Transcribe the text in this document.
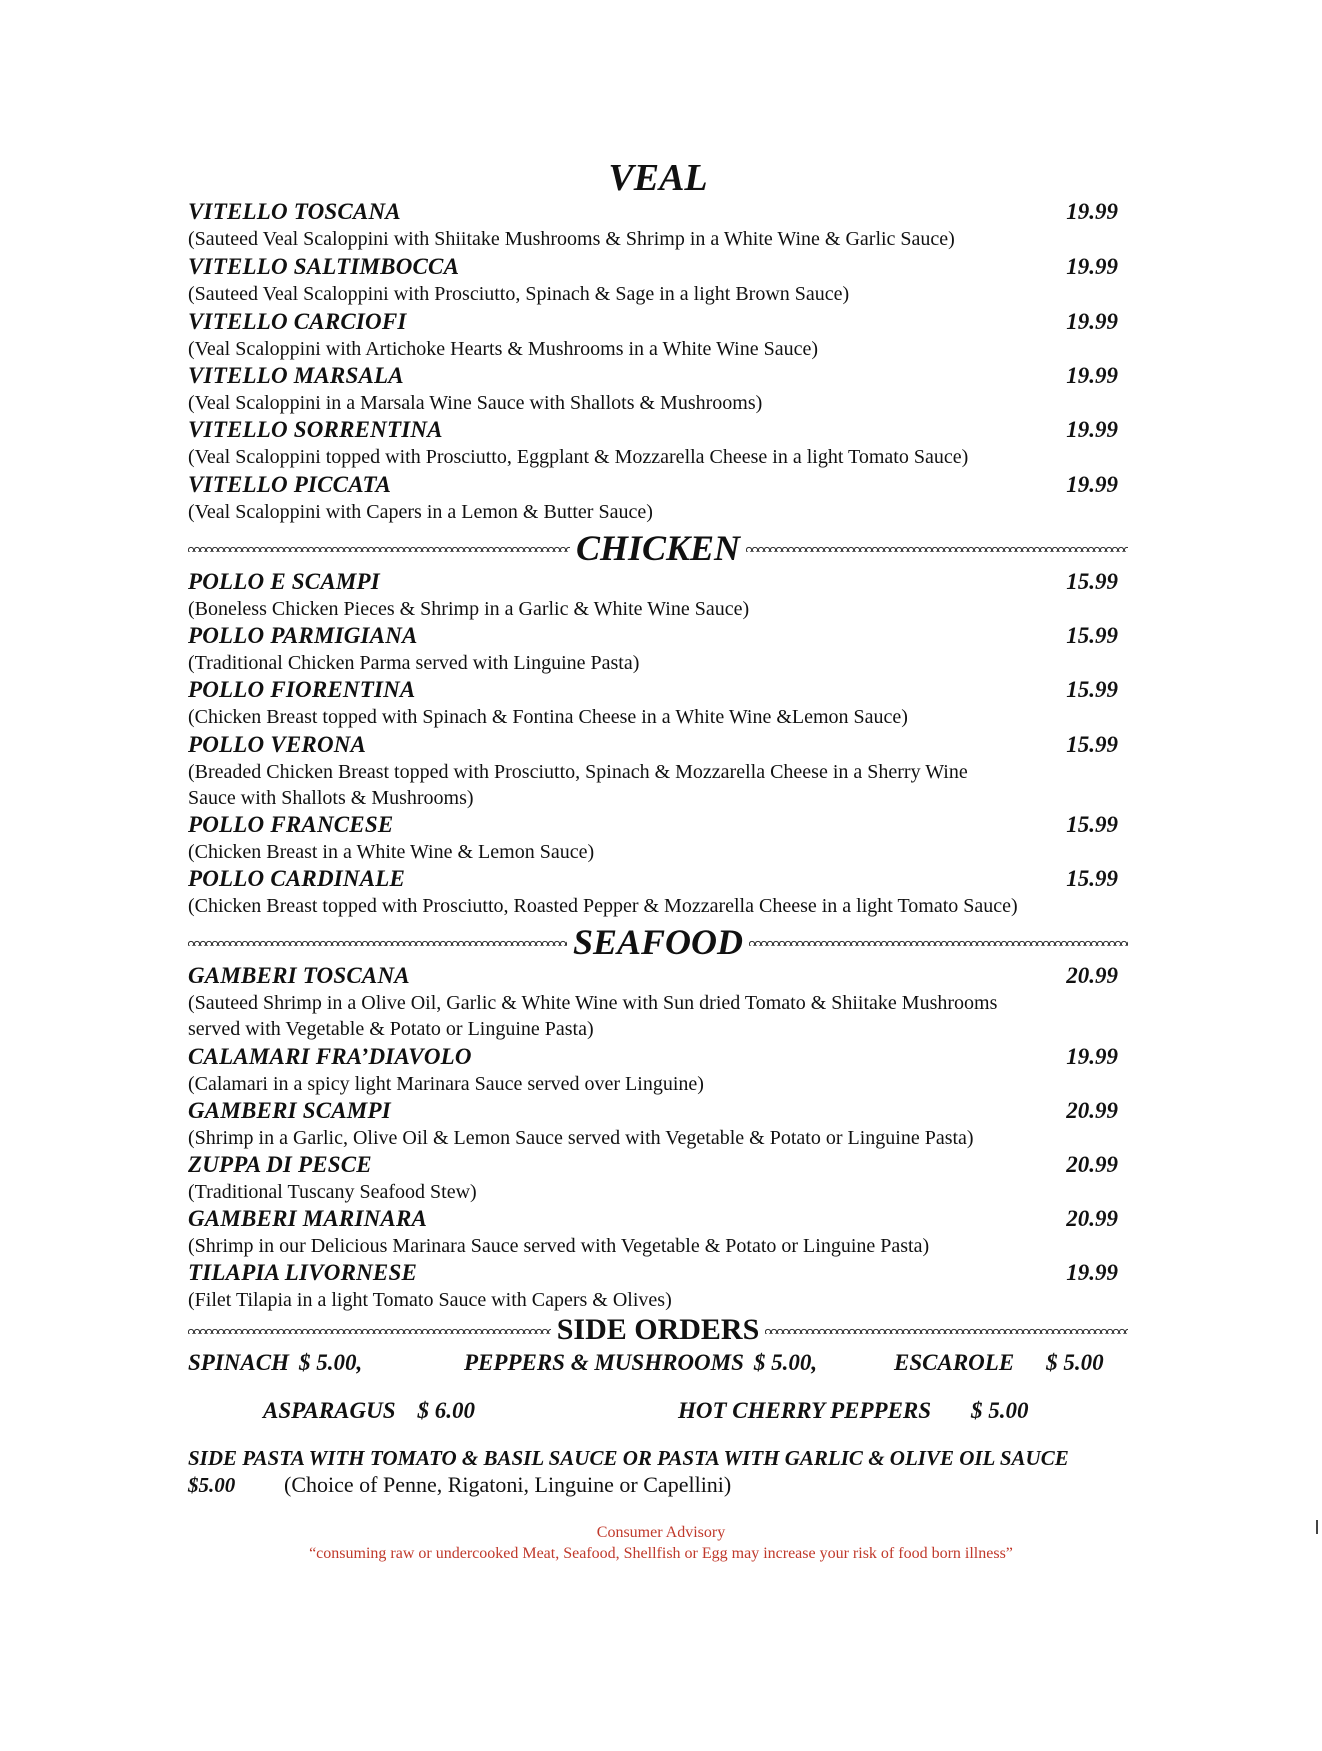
VEAL
VITELLO TOSCANA	19.99
(Sauteed Veal Scaloppini with Shiitake Mushrooms & Shrimp in a White Wine & Garlic Sauce)
VITELLO SALTIMBOCCA	19.99
(Sauteed Veal Scaloppini with Prosciutto, Spinach & Sage in a light Brown Sauce)
VITELLO CARCIOFI	19.99
(Veal Scaloppini with Artichoke Hearts & Mushrooms in a White Wine Sauce)
VITELLO MARSALA	19.99
(Veal Scaloppini in a Marsala Wine Sauce with Shallots & Mushrooms)
VITELLO SORRENTINA	19.99
(Veal Scaloppini topped with Prosciutto, Eggplant & Mozzarella Cheese in a light Tomato Sauce)
VITELLO PICCATA	19.99
(Veal Scaloppini with Capers in a Lemon & Butter Sauce)
CHICKEN
POLLO E SCAMPI	15.99
(Boneless Chicken Pieces & Shrimp in a Garlic & White Wine Sauce)
POLLO PARMIGIANA	15.99
(Traditional Chicken Parma served with Linguine Pasta)
POLLO FIORENTINA	15.99
(Chicken Breast topped with Spinach & Fontina Cheese in a White Wine &Lemon Sauce)
POLLO VERONA	15.99
(Breaded Chicken Breast topped with Prosciutto, Spinach & Mozzarella Cheese in a Sherry Wine
Sauce with Shallots & Mushrooms)
POLLO FRANCESE	15.99
(Chicken Breast in a White Wine & Lemon Sauce)
POLLO CARDINALE	15.99
(Chicken Breast topped with Prosciutto, Roasted Pepper & Mozzarella Cheese in a light Tomato Sauce)
SEAFOOD
GAMBERI TOSCANA	20.99
(Sauteed Shrimp in a Olive Oil, Garlic & White Wine with Sun dried Tomato & Shiitake Mushrooms
served with Vegetable & Potato or Linguine Pasta)
CALAMARI FRA’DIAVOLO	19.99
(Calamari in a spicy light Marinara Sauce served over Linguine)
GAMBERI SCAMPI	20.99
(Shrimp in a Garlic, Olive Oil & Lemon Sauce served with Vegetable & Potato or Linguine Pasta)
ZUPPA DI PESCE	20.99
(Traditional Tuscany Seafood Stew)
GAMBERI MARINARA	20.99
(Shrimp in our Delicious Marinara Sauce served with Vegetable & Potato or Linguine Pasta)
TILAPIA LIVORNESE	19.99
(Filet Tilapia in a light Tomato Sauce with Capers & Olives)
SIDE ORDERS
SPINACH $ 5.00,	PEPPERS & MUSHROOMS $ 5.00,	ESCAROLE $ 5.00
ASPARAGUS $ 6.00	HOT CHERRY PEPPERS $ 5.00
SIDE PASTA WITH TOMATO & BASIL SAUCE OR PASTA WITH GARLIC & OLIVE OIL SAUCE
$5.00	(Choice of Penne, Rigatoni, Linguine or Capellini)
Consumer Advisory
“consuming raw or undercooked Meat, Seafood, Shellfish or Egg may increase your risk of food born illness”
